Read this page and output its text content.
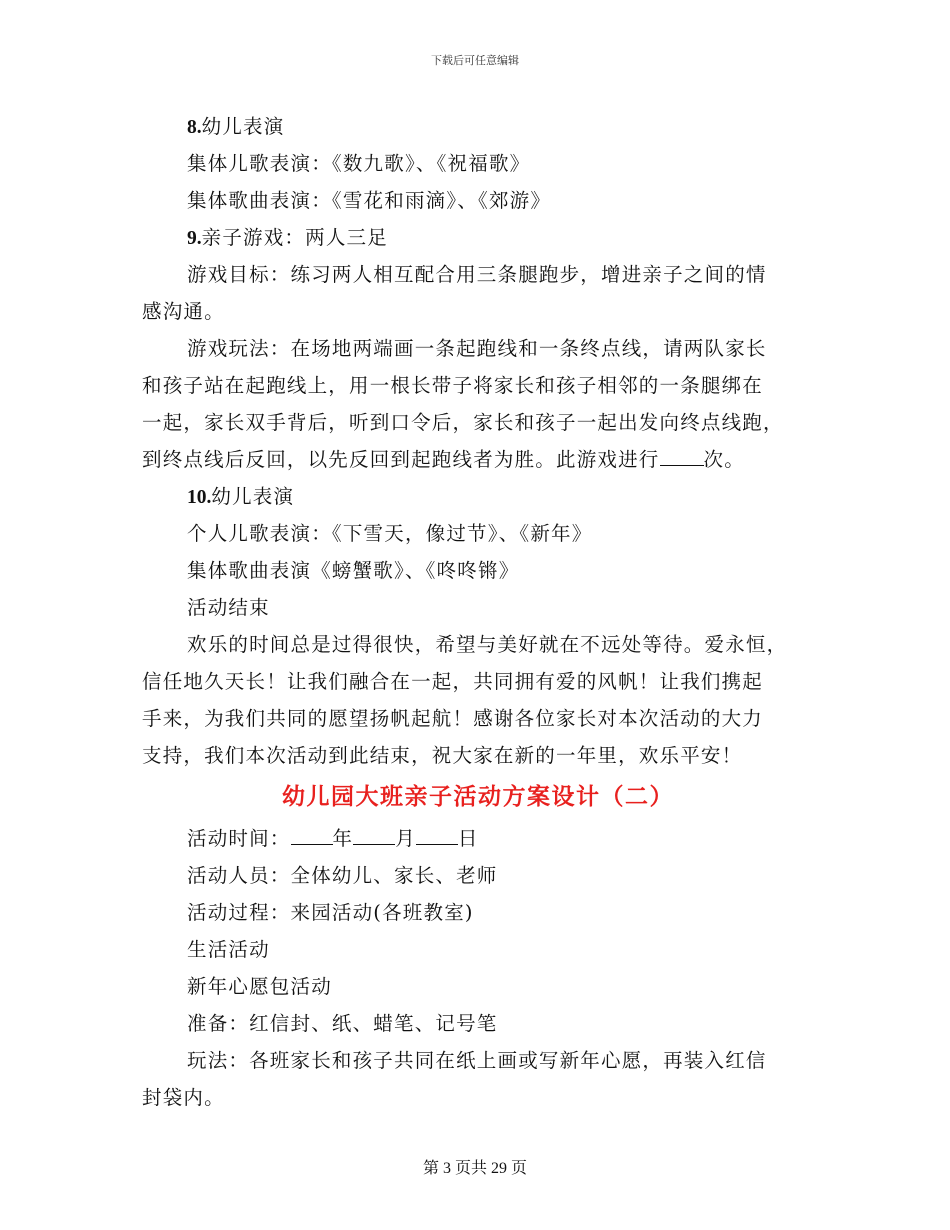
下载后可任意编辑
8.幼儿表演
集体儿歌表演：《数九歌》、《祝福歌》
集体歌曲表演：《雪花和雨滴》、《郊游》
9.亲子游戏：两人三足
游戏目标：练习两人相互配合用三条腿跑步，增进亲子之间的情
感沟通。
游戏玩法：在场地两端画一条起跑线和一条终点线，请两队家长
和孩子站在起跑线上，用一根长带子将家长和孩子相邻的一条腿绑在
一起，家长双手背后，听到口令后，家长和孩子一起出发向终点线跑，
到终点线后反回，以先反回到起跑线者为胜。此游戏进行 次。
10.幼儿表演
个人儿歌表演：《下雪天，像过节》、《新年》
集体歌曲表演《螃蟹歌》、《咚咚锵》
活动结束
欢乐的时间总是过得很快，希望与美好就在不远处等待。爱永恒，
信任地久天长！让我们融合在一起，共同拥有爱的风帆！让我们携起
手来，为我们共同的愿望扬帆起航！感谢各位家长对本次活动的大力
支持，我们本次活动到此结束，祝大家在新的一年里，欢乐平安！
幼儿园大班亲子活动方案设计（二）
活动时间： 年 月 日
活动人员：全体幼儿、家长、老师
活动过程：来园活动(各班教室)
生活活动
新年心愿包活动
准备：红信封、纸、蜡笔、记号笔
玩法：各班家长和孩子共同在纸上画或写新年心愿，再装入红信
封袋内。
第 3 页共 29 页
